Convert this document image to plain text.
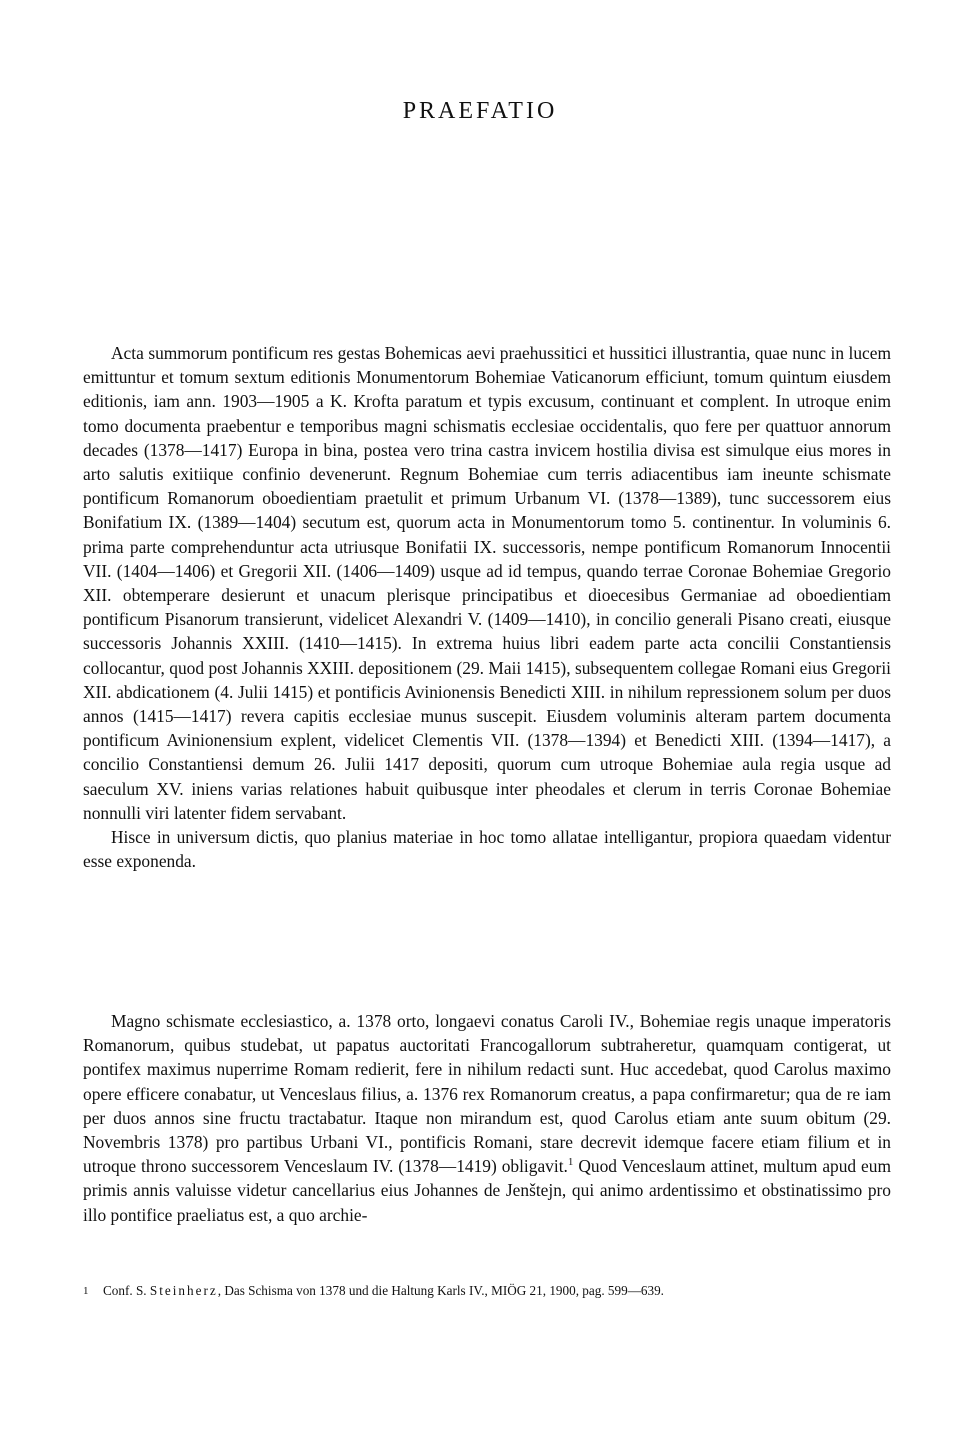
PRAEFATIO

Acta summorum pontificum res gestas Bohemicas aevi praehussitici et hussitici illustrantia, quae nunc in lucem emittuntur et tomum sextum editionis Monumentorum Bohemiae Vaticanorum efficiunt, tomum quintum eiusdem editionis, iam ann. 1903—1905 a K. Krofta paratum et typis excusum, continuant et complent. In utroque enim tomo documenta praebentur e temporibus magni schismatis ecclesiae occidentalis, quo fere per quattuor annorum decades (1378—1417) Europa in bina, postea vero trina castra invicem hostilia divisa est simulque eius mores in arto salutis exitiique confinio devenerunt. Regnum Bohemiae cum terris adiacentibus iam ineunte schismate pontificum Romanorum oboedientiam praetulit et primum Urbanum VI. (1378—1389), tunc successorem eius Bonifatium IX. (1389—1404) secutum est, quorum acta in Monumentorum tomo 5. continentur. In voluminis 6. prima parte comprehenduntur acta utriusque Bonifatii IX. successoris, nempe pontificum Romanorum Innocentii VII. (1404—1406) et Gregorii XII. (1406—1409) usque ad id tempus, quando terrae Coronae Bohemiae Gregorio XII. obtemperare desierunt et unacum plerisque principatibus et dioecesibus Germaniae ad oboedientiam pontificum Pisanorum transierunt, videlicet Alexandri V. (1409—1410), in concilio generali Pisano creati, eiusque successoris Johannis XXIII. (1410—1415). In extrema huius libri eadem parte acta concilii Constantiensis collocantur, quod post Johannis XXIII. depositionem (29. Maii 1415), subsequentem collegae Romani eius Gregorii XII. abdicationem (4. Julii 1415) et pontificis Avinionensis Benedicti XIII. in nihilum repressionem solum per duos annos (1415—1417) revera capitis ecclesiae munus suscepit. Eiusdem voluminis alteram partem documenta pontificum Avinionensium explent, videlicet Clementis VII. (1378—1394) et Benedicti XIII. (1394—1417), a concilio Constantiensi demum 26. Julii 1417 depositi, quorum cum utroque Bohemiae aula regia usque ad saeculum XV. iniens varias relationes habuit quibusque inter pheodales et clerum in terris Coronae Bohemiae nonnulli viri latenter fidem servabant.

Hisce in universum dictis, quo planius materiae in hoc tomo allatae intelligantur, propiora quaedam videntur esse exponenda.

Magno schismate ecclesiastico, a. 1378 orto, longaevi conatus Caroli IV., Bohemiae regis unaque imperatoris Romanorum, quibus studebat, ut papatus auctoritati Francogallorum subtraheretur, quamquam contigerat, ut pontifex maximus nuperrime Romam redierit, fere in nihilum redacti sunt. Huc accedebat, quod Carolus maximo opere efficere conabatur, ut Venceslaus filius, a. 1376 rex Romanorum creatus, a papa confirmaretur; qua de re iam per duos annos sine fructu tractabatur. Itaque non mirandum est, quod Carolus etiam ante suum obitum (29. Novembris 1378) pro partibus Urbani VI., pontificis Romani, stare decrevit idemque facere etiam filium et in utroque throno successorem Venceslaum IV. (1378—1419) obligavit.$^1$ Quod Venceslaum attinet, multum apud eum primis annis valuisse videtur cancellarius eius Johannes de Jenštejn, qui animo ardentissimo et obstinatissimo pro illo pontifice praeliatus est, a quo archie-

1 Conf. S. Steinherz, Das Schisma von 1378 und die Haltung Karls IV., MIÖG 21, 1900, pag. 599—639.
